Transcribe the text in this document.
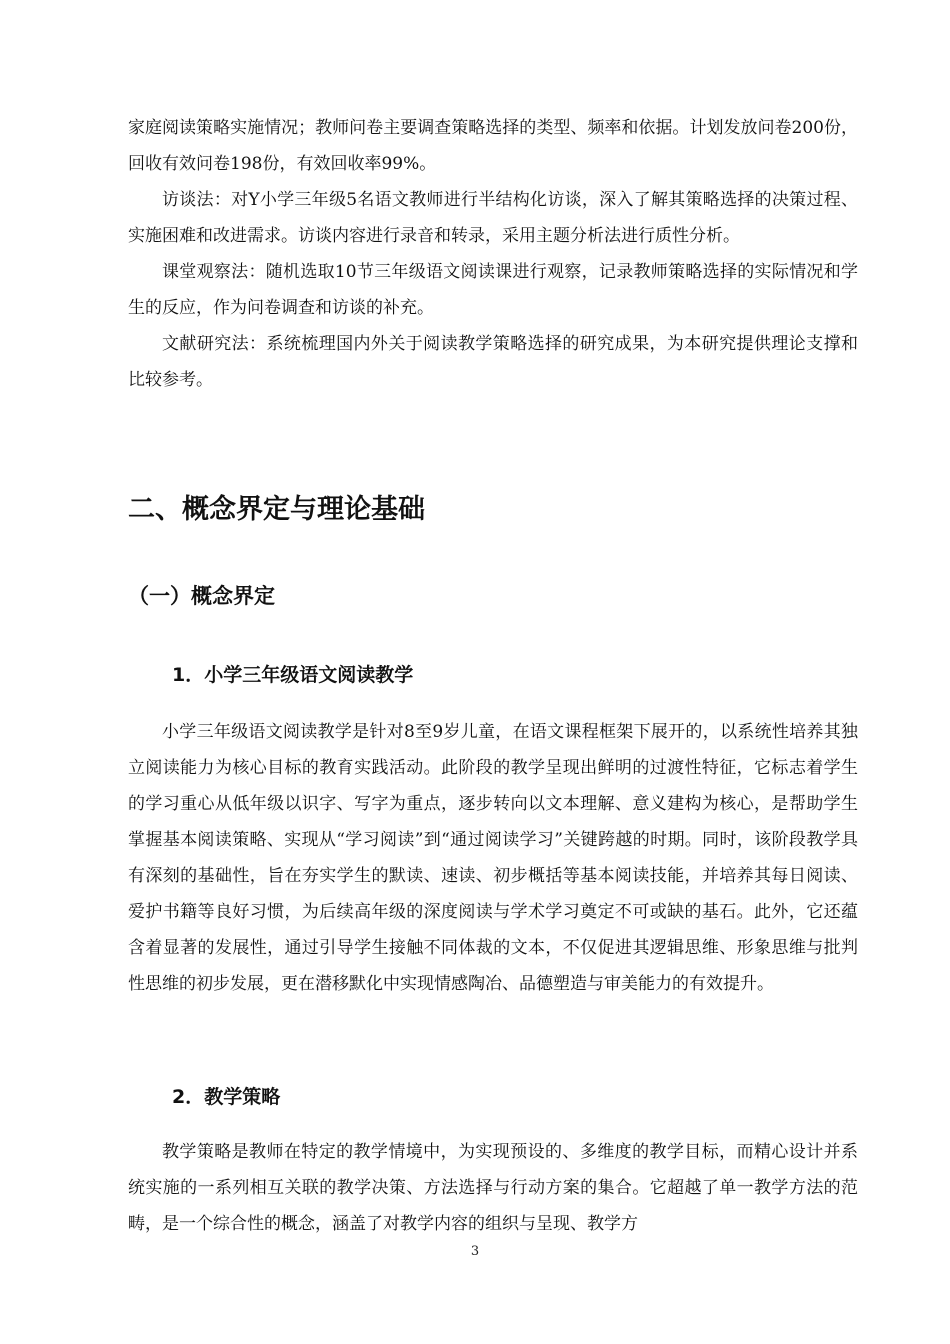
家庭阅读策略实施情况；教师问卷主要调查策略选择的类型、频率和依据。计划发放问卷200份，回收有效问卷198份，有效回收率99%。

访谈法：对Y小学三年级5名语文教师进行半结构化访谈，深入了解其策略选择的决策过程、实施困难和改进需求。访谈内容进行录音和转录，采用主题分析法进行质性分析。

课堂观察法：随机选取10节三年级语文阅读课进行观察，记录教师策略选择的实际情况和学生的反应，作为问卷调查和访谈的补充。

文献研究法：系统梳理国内外关于阅读教学策略选择的研究成果，为本研究提供理论支撑和比较参考。

二、概念界定与理论基础
（一）概念界定
1．小学三年级语文阅读教学

小学三年级语文阅读教学是针对8至9岁儿童，在语文课程框架下展开的，以系统性培养其独立阅读能力为核心目标的教育实践活动。此阶段的教学呈现出鲜明的过渡性特征，它标志着学生的学习重心从低年级以识字、写字为重点，逐步转向以文本理解、意义建构为核心，是帮助学生掌握基本阅读策略、实现从“学习阅读”到“通过阅读学习”关键跨越的时期。同时，该阶段教学具有深刻的基础性，旨在夯实学生的默读、速读、初步概括等基本阅读技能，并培养其每日阅读、爱护书籍等良好习惯，为后续高年级的深度阅读与学术学习奠定不可或缺的基石。此外，它还蕴含着显著的发展性，通过引导学生接触不同体裁的文本，不仅促进其逻辑思维、形象思维与批判性思维的初步发展，更在潜移默化中实现情感陶冶、品德塑造与审美能力的有效提升。

2．教学策略

教学策略是教师在特定的教学情境中，为实现预设的、多维度的教学目标，而精心设计并系统实施的一系列相互关联的教学决策、方法选择与行动方案的集合。它超越了单一教学方法的范畴，是一个综合性的概念，涵盖了对教学内容的组织与呈现、教学方

3
